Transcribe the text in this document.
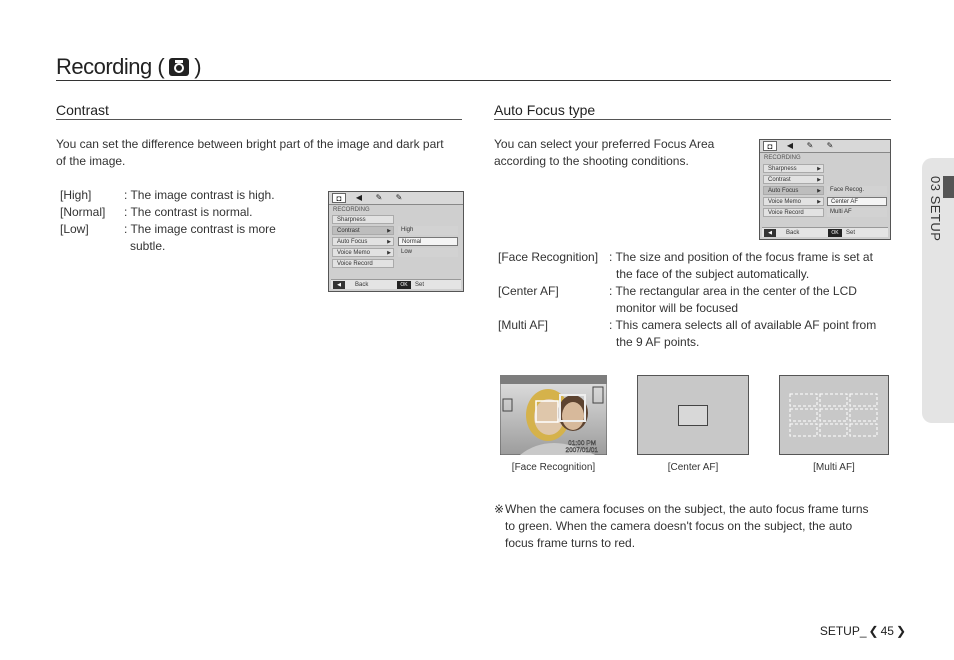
Recording ( )
03 SETUP
Contrast
You can set the difference between bright part of the image and dark part
of the image.
[High]	: The image contrast is high.
[Normal] : The contrast is normal.
[Low]	: The image contrast is more
subtle.
◘	◀	✎	✎
RECORDING
Sharpness
Contrast	▶
Auto Focus	▶
Voice Memo	▶
Voice Record
High
Normal
Low
◀	Back	OK	Set
Auto Focus type
You can select your preferred Focus Area
according to the shooting conditions.
◘	◀	✎	✎
RECORDING
Sharpness	▶
Contrast	▶
Auto Focus	▶
Voice Memo	▶
Voice Record
Face Recog.
Center AF
Multi AF
◀	Back	OK	Set
[Face Recognition] : The size and position of the focus frame is set at
the face of the subject automatically.
[Center AF]	: The rectangular area in the center of the LCD
monitor will be focused
[Multi AF]	: This camera selects all of available AF point from
the 9 AF points.
01:00 PM
2007/01/01
[Face Recognition]	[Center AF]	[Multi AF]
※ When the camera focuses on the subject, the auto focus frame turns
to green. When the camera doesn't focus on the subject, the auto
focus frame turns to red.
SETUP_ ❮ 45 ❯
